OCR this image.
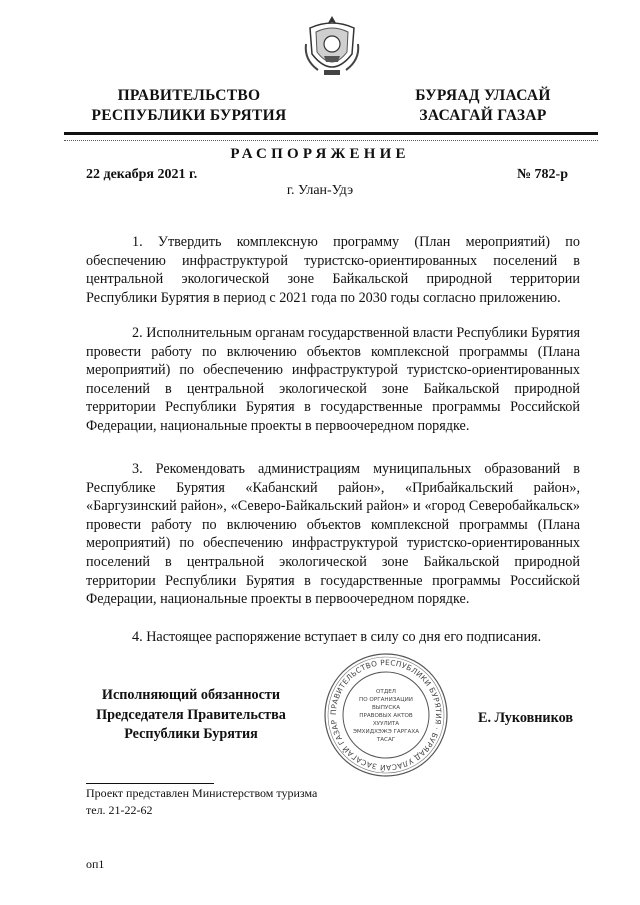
ПРАВИТЕЛЬСТВО
РЕСПУБЛИКИ БУРЯТИЯ
БУРЯАД УЛАСАЙ
ЗАСАГАЙ ГАЗАР
РАСПОРЯЖЕНИЕ
22 декабря 2021 г.	№ 782-р
г. Улан-Удэ

1. Утвердить комплексную программу (План мероприятий) по обеспечению инфраструктурой туристско-ориентированных поселений в центральной экологической зоне Байкальской природной территории Республики Бурятия в период с 2021 года по 2030 годы согласно приложению.

2. Исполнительным органам государственной власти Республики Бурятия провести работу по включению объектов комплексной программы (Плана мероприятий) по обеспечению инфраструктурой туристско-ориентированных поселений в центральной экологической зоне Байкальской природной территории Республики Бурятия в государственные программы Российской Федерации, национальные проекты в первоочередном порядке.

3. Рекомендовать администрациям муниципальных образований в Республике Бурятия «Кабанский район», «Прибайкальский район», «Баргузинский район», «Северо-Байкальский район» и «город Северобайкальск» провести работу по включению объектов комплексной программы (Плана мероприятий) по обеспечению инфраструктурой туристско-ориентированных поселений в центральной экологической зоне Байкальской природной территории Республики Бурятия в государственные программы Российской Федерации, национальные проекты в первоочередном порядке.

4. Настоящее распоряжение вступает в силу со дня его подписания.

Исполняющий обязанности
Председателя Правительства
Республики Бурятия
ПРАВИТЕЛЬСТВО РЕСПУБЛИКИ БУРЯТИЯ · БУРЯАД УЛАСАЙ ЗАСАГАЙ ГАЗАР
ОТДЕЛ
ПО ОРГАНИЗАЦИИ
ВЫПУСКА
ПРАВОВЫХ АКТОВ
ХУУЛИТА
ЭМХИДХЭЖЭ ГАРГАХА
ТАСАГ
Е. Луковников
Проект представлен Министерством туризма
тел. 21-22-62
оп1
